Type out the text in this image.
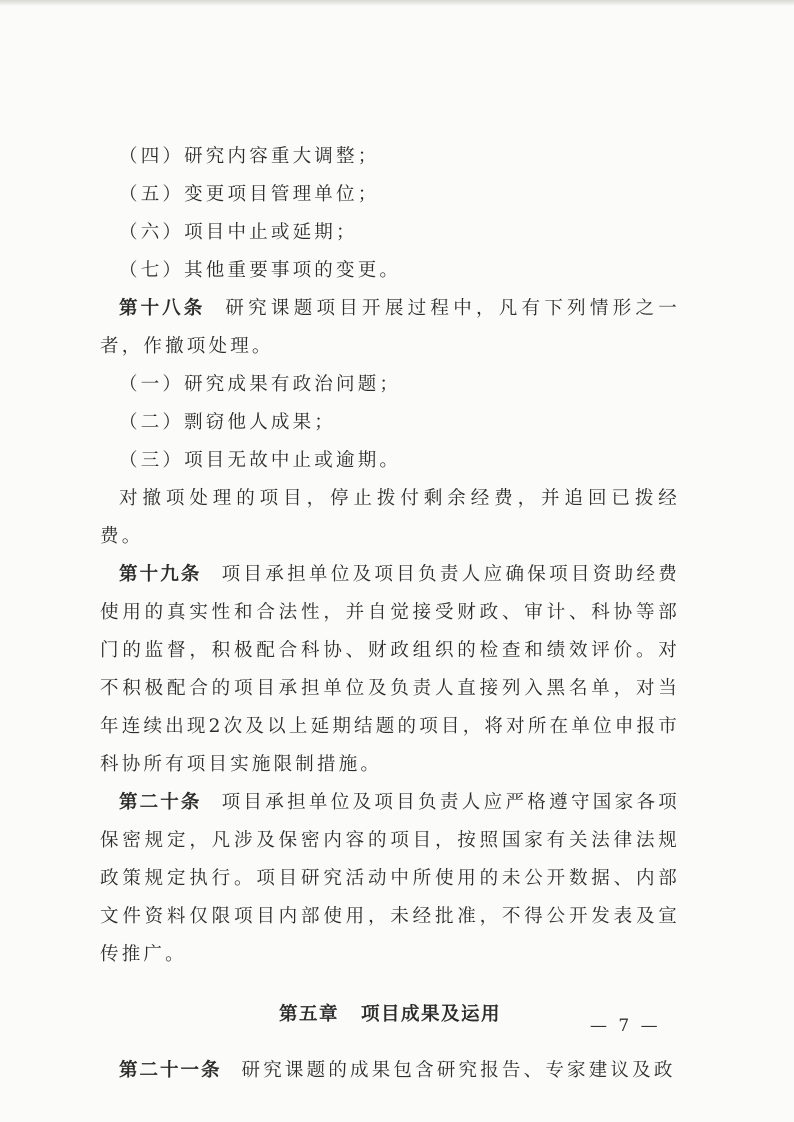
（四）研究内容重大调整；

（五）变更项目管理单位；

（六）项目中止或延期；

（七）其他重要事项的变更。

第十八条 研究课题项目开展过程中，凡有下列情形之一者，作撤项处理。

（一）研究成果有政治问题；

（二）剽窃他人成果；

（三）项目无故中止或逾期。

对撤项处理的项目，停止拨付剩余经费，并追回已拨经费。

第十九条 项目承担单位及项目负责人应确保项目资助经费使用的真实性和合法性，并自觉接受财政、审计、科协等部门的监督，积极配合科协、财政组织的检查和绩效评价。对不积极配合的项目承担单位及负责人直接列入黑名单，对当年连续出现2次及以上延期结题的项目，将对所在单位申报市科协所有项目实施限制措施。

第二十条 项目承担单位及项目负责人应严格遵守国家各项保密规定，凡涉及保密内容的项目，按照国家有关法律法规政策规定执行。项目研究活动中所使用的未公开数据、内部文件资料仅限项目内部使用，未经批准，不得公开发表及宣传推广。

第五章 项目成果及运用

第二十一条 研究课题的成果包含研究报告、专家建议及政

— 7 —
